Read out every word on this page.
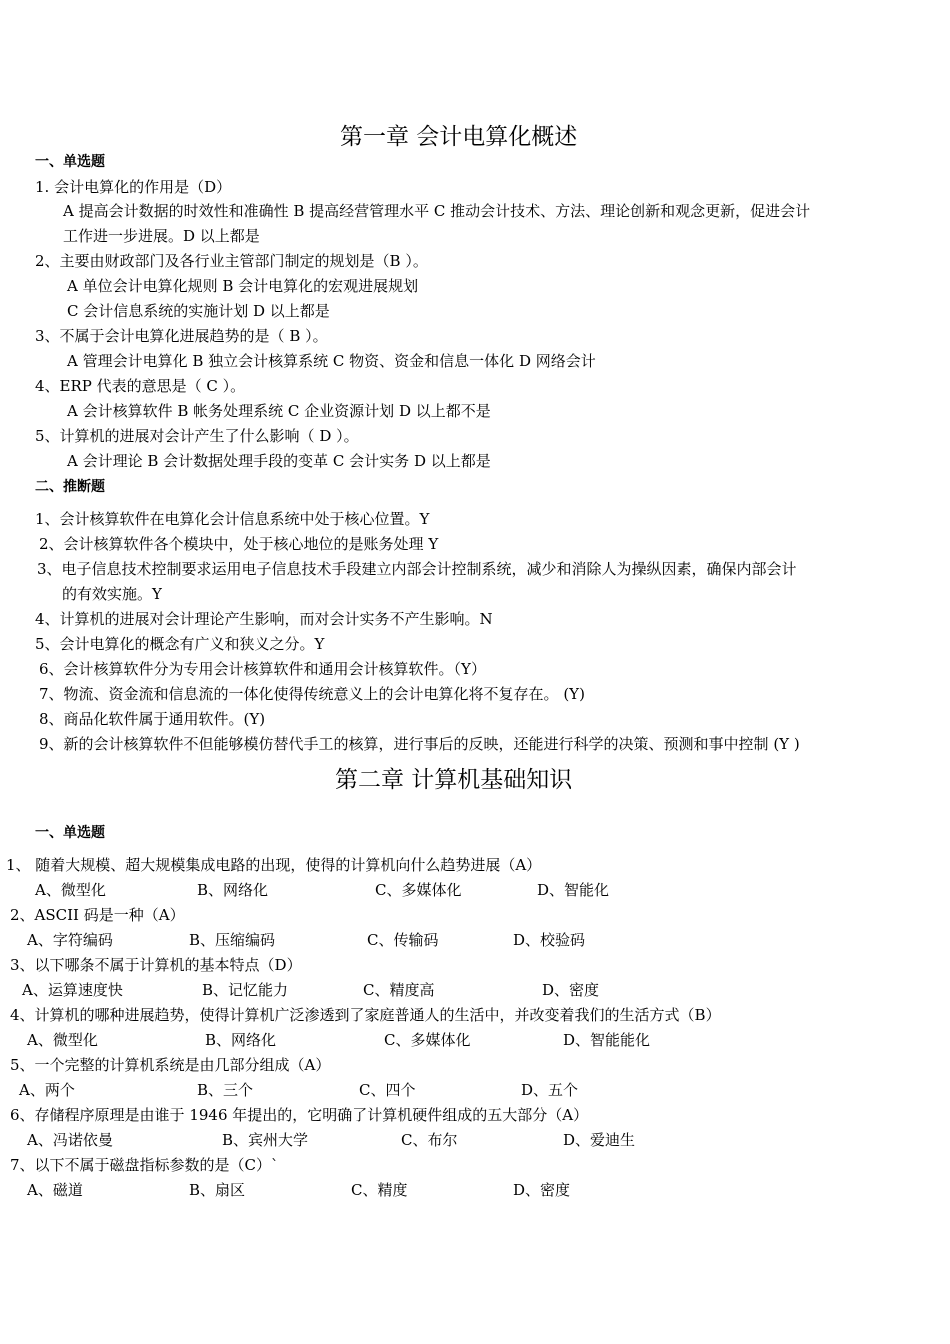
第一章 会计电算化概述
一、单选题
1. 会计电算化的作用是（D）
A 提高会计数据的时效性和准确性 B 提高经营管理水平 C 推动会计技术、方法、理论创新和观念更新，促进会计
工作进一步进展。D 以上都是
2、主要由财政部门及各行业主管部门制定的规划是（B ）。
A 单位会计电算化规则 B 会计电算化的宏观进展规划
C 会计信息系统的实施计划 D 以上都是
3、不属于会计电算化进展趋势的是（ B ）。
A 管理会计电算化 B 独立会计核算系统 C 物资、资金和信息一体化 D 网络会计
4、ERP 代表的意思是（ C ）。
A 会计核算软件 B 帐务处理系统 C 企业资源计划 D 以上都不是
5、计算机的进展对会计产生了什么影响（ D ）。
A 会计理论 B 会计数据处理手段的变革 C 会计实务 D 以上都是
二、推断题
1、会计核算软件在电算化会计信息系统中处于核心位置。Y
2、会计核算软件各个模块中，处于核心地位的是账务处理 Y
3、电子信息技术控制要求运用电子信息技术手段建立内部会计控制系统，减少和消除人为操纵因素，确保内部会计
的有效实施。Y
4、计算机的进展对会计理论产生影响，而对会计实务不产生影响。N
5、会计电算化的概念有广义和狭义之分。Y
6、会计核算软件分为专用会计核算软件和通用会计核算软件。（Y）
7、物流、资金流和信息流的一体化使得传统意义上的会计电算化将不复存在。 (Y)
8、商品化软件属于通用软件。(Y)
9、新的会计核算软件不但能够模仿替代手工的核算，进行事后的反映，还能进行科学的决策、预测和事中控制 (Y )
第二章 计算机基础知识
一、单选题
1、 随着大规模、超大规模集成电路的出现，使得的计算机向什么趋势进展（A）
A、微型化	B、网络化	C、多媒体化	D、智能化
2、ASCII 码是一种（A）
A、字符编码	B、压缩编码	C、传输码	D、校验码
3、以下哪条不属于计算机的基本特点（D）
A、运算速度快	B、记忆能力	C、精度高	D、密度
4、计算机的哪种进展趋势，使得计算机广泛渗透到了家庭普通人的生活中，并改变着我们的生活方式（B）
A、微型化	B、网络化	C、多媒体化	D、智能能化
5、一个完整的计算机系统是由几部分组成（A）
A、两个	B、三个	C、四个	D、五个
6、存储程序原理是由谁于 1946 年提出的，它明确了计算机硬件组成的五大部分（A）
A、冯诺依曼	B、宾州大学	C、布尔	D、爱迪生
7、以下不属于磁盘指标参数的是（C）`
A、磁道	B、扇区	C、精度	D、密度
